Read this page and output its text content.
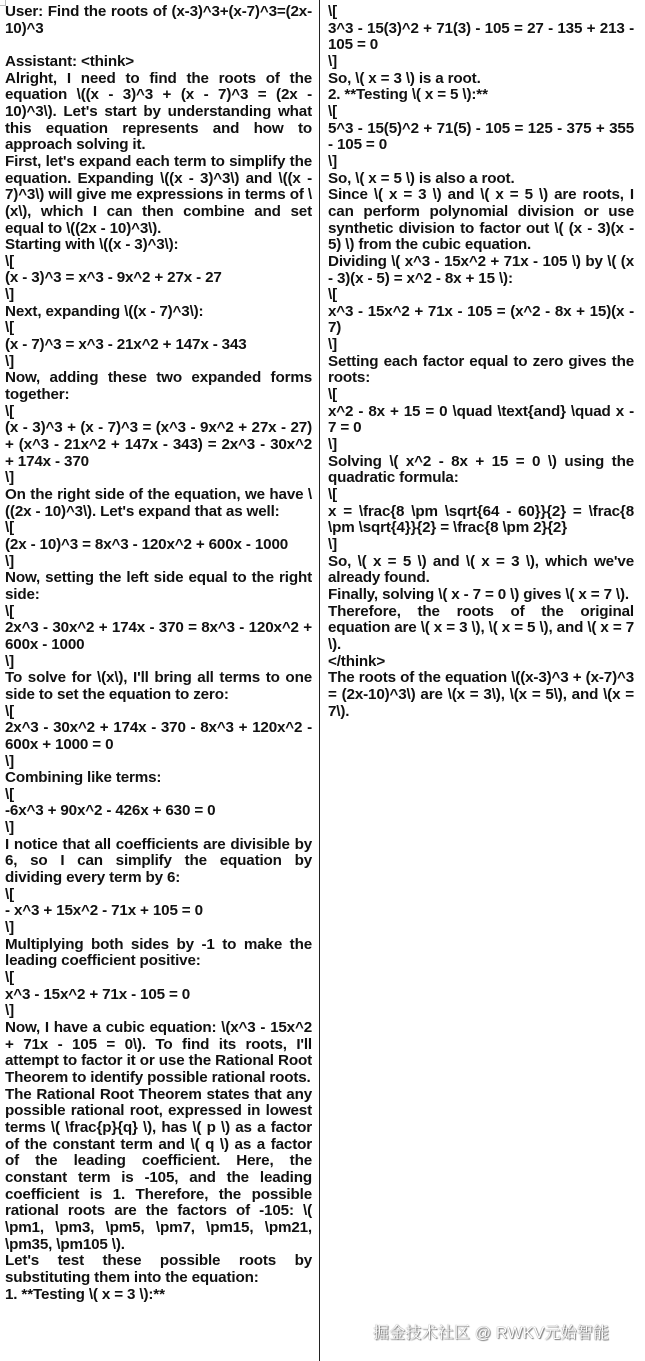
User: Find the roots of (x-3)^3+(x-7)^3=(2x-10)^3

Assistant: <think>

Alright, I need to find the roots of the equation \((x - 3)^3 + (x - 7)^3 = (2x - 10)^3\). Let's start by understanding what this equation represents and how to approach solving it.

First, let's expand each term to simplify the equation. Expanding \((x - 3)^3\) and \((x - 7)^3\) will give me expressions in terms of \(x\), which I can then combine and set equal to \((2x - 10)^3\).

Starting with \((x - 3)^3\):

\[

(x - 3)^3 = x^3 - 9x^2 + 27x - 27

\]

Next, expanding \((x - 7)^3\):

\[

(x - 7)^3 = x^3 - 21x^2 + 147x - 343

\]

Now, adding these two expanded forms together:

\[

(x - 3)^3 + (x - 7)^3 = (x^3 - 9x^2 + 27x - 27) + (x^3 - 21x^2 + 147x - 343) = 2x^3 - 30x^2 + 174x - 370

\]

On the right side of the equation, we have \((2x - 10)^3\). Let's expand that as well:

\[

(2x - 10)^3 = 8x^3 - 120x^2 + 600x - 1000

\]

Now, setting the left side equal to the right side:

\[

2x^3 - 30x^2 + 174x - 370 = 8x^3 - 120x^2 + 600x - 1000

\]

To solve for \(x\), I'll bring all terms to one side to set the equation to zero:

\[

2x^3 - 30x^2 + 174x - 370 - 8x^3 + 120x^2 - 600x + 1000 = 0

\]

Combining like terms:

\[

-6x^3 + 90x^2 - 426x + 630 = 0

\]

I notice that all coefficients are divisible by 6, so I can simplify the equation by dividing every term by 6:

\[

- x^3 + 15x^2 - 71x + 105 = 0

\]

Multiplying both sides by -1 to make the leading coefficient positive:

\[

x^3 - 15x^2 + 71x - 105 = 0

\]

Now, I have a cubic equation: \(x^3 - 15x^2 + 71x - 105 = 0\). To find its roots, I'll attempt to factor it or use the Rational Root Theorem to identify possible rational roots.

The Rational Root Theorem states that any possible rational root, expressed in lowest terms \( \frac{p}{q} \), has \( p \) as a factor of the constant term and \( q \) as a factor of the leading coefficient. Here, the constant term is -105, and the leading coefficient is 1. Therefore, the possible rational roots are the factors of -105: \( \pm1, \pm3, \pm5, \pm7, \pm15, \pm21, \pm35, \pm105 \).

Let's test these possible roots by substituting them into the equation:

1. **Testing \( x = 3 \):**

\[

3^3 - 15(3)^2 + 71(3) - 105 = 27 - 135 + 213 - 105 = 0

\]

So, \( x = 3 \) is a root.

2. **Testing \( x = 5 \):**

\[

5^3 - 15(5)^2 + 71(5) - 105 = 125 - 375 + 355 - 105 = 0

\]

So, \( x = 5 \) is also a root.

Since \( x = 3 \) and \( x = 5 \) are roots, I can perform polynomial division or use synthetic division to factor out \( (x - 3)(x - 5) \) from the cubic equation.

Dividing \( x^3 - 15x^2 + 71x - 105 \) by \( (x - 3)(x - 5) = x^2 - 8x + 15 \):

\[

x^3 - 15x^2 + 71x - 105 = (x^2 - 8x + 15)(x - 7)

\]

Setting each factor equal to zero gives the roots:

\[

x^2 - 8x + 15 = 0 \quad \text{and} \quad x - 7 = 0

\]

Solving \( x^2 - 8x + 15 = 0 \) using the quadratic formula:

\[

x = \frac{8 \pm \sqrt{64 - 60}}{2} = \frac{8 \pm \sqrt{4}}{2} = \frac{8 \pm 2}{2}

\]

So, \( x = 5 \) and \( x = 3 \), which we've already found.

Finally, solving \( x - 7 = 0 \) gives \( x = 7 \).

Therefore, the roots of the original equation are \( x = 3 \), \( x = 5 \), and \( x = 7 \).

</think>

The roots of the equation \((x-3)^3 + (x-7)^3 = (2x-10)^3\) are \(x = 3\), \(x = 5\), and \(x = 7\).

掘金技术社区 @ RWKV元始智能
